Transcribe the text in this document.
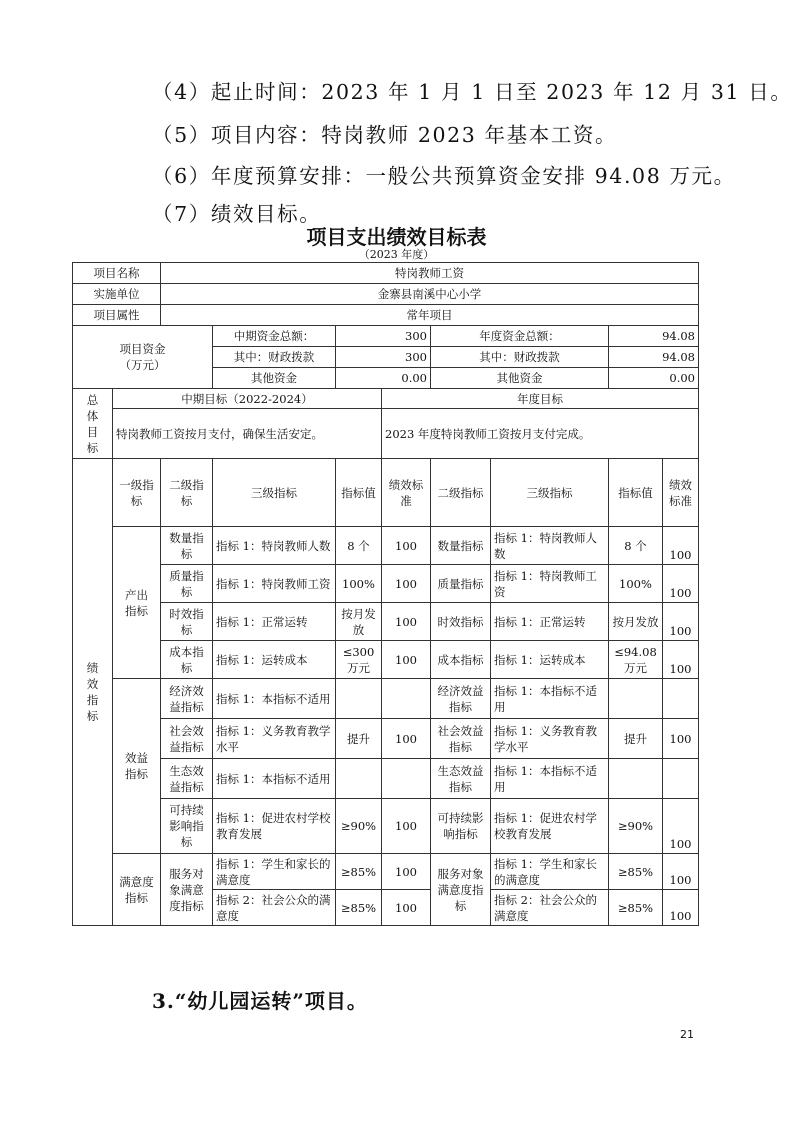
（4）起止时间：2023 年 1 月 1 日至 2023 年 12 月 31 日。
（5）项目内容：特岗教师 2023 年基本工资。
（6）年度预算安排：一般公共预算资金安排 94.08 万元。
（7）绩效目标。
项目支出绩效目标表
（2023 年度）
项目名称		特岗教师工资							
实施单位		金寨县南溪中心小学							
项目属性		常年项目							

项目资金
（万元）			中期资金总额：	300		年度资金总额：		94.08	
			其中：财政拨款	300		其中：财政拨款		94.08	
			其他资金	0.00		其他资金		0.00	
总体目标	中期目标（2022-2024）				年度目标				
	特岗教师工资按月支付，确保生活安定。				2023 年度特岗教师工资按月支付完成。				
绩效指标	一级指标	二级指标	三级指标	指标值	绩效标准	二级指标	三级指标	指标值	绩效标准
	产出指标	数量指标	指标 1：特岗教师人数	8 个	100	数量指标	指标 1：特岗教师人数	8 个	100
		质量指标	指标 1：特岗教师工资	100%	100	质量指标	指标 1：特岗教师工资	100%	100
		时效指标	指标 1：正常运转	按月发放	100	时效指标	指标 1：正常运转	按月发放	100
		成本指标	指标 1：运转成本	≤300 万元	100	成本指标	指标 1：运转成本	≤94.08 万元	100
	效益指标	经济效益指标	指标 1：本指标不适用			经济效益指标	指标 1：本指标不适用		
		社会效益指标	指标 1：义务教育教学水平	提升	100	社会效益指标	指标 1：义务教育教学水平	提升	100
		生态效益指标	指标 1：本指标不适用			生态效益指标	指标 1：本指标不适用		
		可持续影响指标	指标 1：促进农村学校教育发展	≥90%	100	可持续影响指标	指标 1：促进农村学校教育发展	≥90%	100
	满意度指标	服务对象满意度指标	指标 1：学生和家长的满意度	≥85%	100	服务对象满意度指标	指标 1：学生和家长的满意度	≥85%	100
			指标 2：社会公众的满意度	≥85%	100		指标 2：社会公众的满意度	≥85%	100
3.“幼儿园运转”项目。
21
